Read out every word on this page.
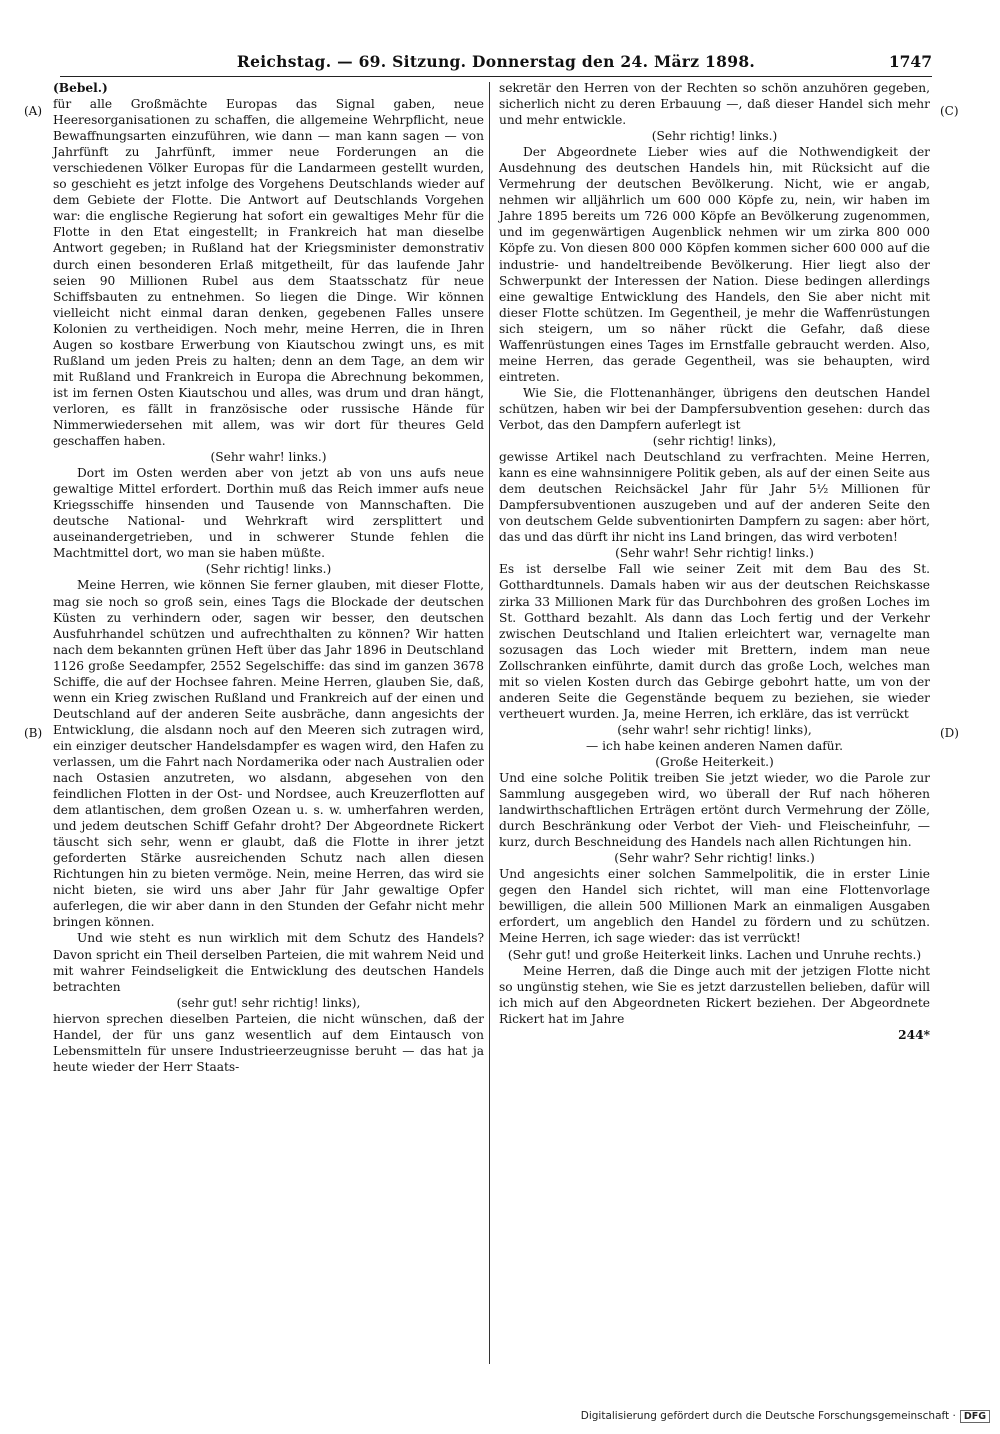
Reichstag. — 69. Sitzung. Donnerstag den 24. März 1898.	1747
(A)
(B)
(C)
(D)

(Bebel.)

für alle Großmächte Europas das Signal gaben, neue Heeresorganisationen zu schaffen, die allgemeine Wehrpflicht, neue Bewaffnungsarten einzuführen, wie dann — man kann sagen — von Jahrfünft zu Jahrfünft, immer neue Forderungen an die verschiedenen Völker Europas für die Landarmeen gestellt wurden, so geschieht es jetzt infolge des Vorgehens Deutschlands wieder auf dem Gebiete der Flotte. Die Antwort auf Deutschlands Vorgehen war: die englische Regierung hat sofort ein gewaltiges Mehr für die Flotte in den Etat eingestellt; in Frankreich hat man dieselbe Antwort gegeben; in Rußland hat der Kriegsminister demonstrativ durch einen besonderen Erlaß mitgetheilt, für das laufende Jahr seien 90 Millionen Rubel aus dem Staatsschatz für neue Schiffsbauten zu entnehmen. So liegen die Dinge. Wir können vielleicht nicht einmal daran denken, gegebenen Falles unsere Kolonien zu vertheidigen. Noch mehr, meine Herren, die in Ihren Augen so kostbare Erwerbung von Kiautschou zwingt uns, es mit Rußland um jeden Preis zu halten; denn an dem Tage, an dem wir mit Rußland und Frankreich in Europa die Abrechnung bekommen, ist im fernen Osten Kiautschou und alles, was drum und dran hängt, verloren, es fällt in französische oder russische Hände für Nimmerwiedersehen mit allem, was wir dort für theures Geld geschaffen haben.

(Sehr wahr! links.)

Dort im Osten werden aber von jetzt ab von uns aufs neue gewaltige Mittel erfordert. Dorthin muß das Reich immer aufs neue Kriegsschiffe hinsenden und Tausende von Mannschaften. Die deutsche National- und Wehrkraft wird zersplittert und auseinandergetrieben, und in schwerer Stunde fehlen die Machtmittel dort, wo man sie haben müßte.

(Sehr richtig! links.)

Meine Herren, wie können Sie ferner glauben, mit dieser Flotte, mag sie noch so groß sein, eines Tags die Blockade der deutschen Küsten zu verhindern oder, sagen wir besser, den deutschen Ausfuhrhandel schützen und aufrechthalten zu können? Wir hatten nach dem bekannten grünen Heft über das Jahr 1896 in Deutschland 1126 große Seedampfer, 2552 Segelschiffe: das sind im ganzen 3678 Schiffe, die auf der Hochsee fahren. Meine Herren, glauben Sie, daß, wenn ein Krieg zwischen Rußland und Frankreich auf der einen und Deutschland auf der anderen Seite ausbräche, dann angesichts der Entwicklung, die alsdann noch auf den Meeren sich zutragen wird, ein einziger deutscher Handelsdampfer es wagen wird, den Hafen zu verlassen, um die Fahrt nach Nordamerika oder nach Australien oder nach Ostasien anzutreten, wo alsdann, abgesehen von den feindlichen Flotten in der Ost- und Nordsee, auch Kreuzerflotten auf dem atlantischen, dem großen Ozean u. s. w. umherfahren werden, und jedem deutschen Schiff Gefahr droht? Der Abgeordnete Rickert täuscht sich sehr, wenn er glaubt, daß die Flotte in ihrer jetzt geforderten Stärke ausreichenden Schutz nach allen diesen Richtungen hin zu bieten vermöge. Nein, meine Herren, das wird sie nicht bieten, sie wird uns aber Jahr für Jahr gewaltige Opfer auferlegen, die wir aber dann in den Stunden der Gefahr nicht mehr bringen können.

Und wie steht es nun wirklich mit dem Schutz des Handels? Davon spricht ein Theil derselben Parteien, die mit wahrem Neid und mit wahrer Feindseligkeit die Entwicklung des deutschen Handels betrachten

(sehr gut! sehr richtig! links),

hiervon sprechen dieselben Parteien, die nicht wünschen, daß der Handel, der für uns ganz wesentlich auf dem Eintausch von Lebensmitteln für unsere Industrieerzeugnisse beruht — das hat ja heute wieder der Herr Staats-

sekretär den Herren von der Rechten so schön anzuhören gegeben, sicherlich nicht zu deren Erbauung —, daß dieser Handel sich mehr und mehr entwickle.

(Sehr richtig! links.)

Der Abgeordnete Lieber wies auf die Nothwendigkeit der Ausdehnung des deutschen Handels hin, mit Rücksicht auf die Vermehrung der deutschen Bevölkerung. Nicht, wie er angab, nehmen wir alljährlich um 600 000 Köpfe zu, nein, wir haben im Jahre 1895 bereits um 726 000 Köpfe an Bevölkerung zugenommen, und im gegenwärtigen Augenblick nehmen wir um zirka 800 000 Köpfe zu. Von diesen 800 000 Köpfen kommen sicher 600 000 auf die industrie- und handeltreibende Bevölkerung. Hier liegt also der Schwerpunkt der Interessen der Nation. Diese bedingen allerdings eine gewaltige Entwicklung des Handels, den Sie aber nicht mit dieser Flotte schützen. Im Gegentheil, je mehr die Waffenrüstungen sich steigern, um so näher rückt die Gefahr, daß diese Waffenrüstungen eines Tages im Ernstfalle gebraucht werden. Also, meine Herren, das gerade Gegentheil, was sie behaupten, wird eintreten.

Wie Sie, die Flottenanhänger, übrigens den deutschen Handel schützen, haben wir bei der Dampfersubvention gesehen: durch das Verbot, das den Dampfern auferlegt ist

(sehr richtig! links),

gewisse Artikel nach Deutschland zu verfrachten. Meine Herren, kann es eine wahnsinnigere Politik geben, als auf der einen Seite aus dem deutschen Reichsäckel Jahr für Jahr 5½ Millionen für Dampfersubventionen auszugeben und auf der anderen Seite den von deutschem Gelde subventionirten Dampfern zu sagen: aber hört, das und das dürft ihr nicht ins Land bringen, das wird verboten!

(Sehr wahr! Sehr richtig! links.)

Es ist derselbe Fall wie seiner Zeit mit dem Bau des St. Gotthardtunnels. Damals haben wir aus der deutschen Reichskasse zirka 33 Millionen Mark für das Durchbohren des großen Loches im St. Gotthard bezahlt. Als dann das Loch fertig und der Verkehr zwischen Deutschland und Italien erleichtert war, vernagelte man sozusagen das Loch wieder mit Brettern, indem man neue Zollschranken einführte, damit durch das große Loch, welches man mit so vielen Kosten durch das Gebirge gebohrt hatte, um von der anderen Seite die Gegenstände bequem zu beziehen, sie wieder vertheuert wurden. Ja, meine Herren, ich erkläre, das ist verrückt

(sehr wahr! sehr richtig! links),

— ich habe keinen anderen Namen dafür.

(Große Heiterkeit.)

Und eine solche Politik treiben Sie jetzt wieder, wo die Parole zur Sammlung ausgegeben wird, wo überall der Ruf nach höheren landwirthschaftlichen Erträgen ertönt durch Vermehrung der Zölle, durch Beschränkung oder Verbot der Vieh- und Fleischeinfuhr, — kurz, durch Beschneidung des Handels nach allen Richtungen hin.

(Sehr wahr? Sehr richtig! links.)

Und angesichts einer solchen Sammelpolitik, die in erster Linie gegen den Handel sich richtet, will man eine Flottenvorlage bewilligen, die allein 500 Millionen Mark an einmaligen Ausgaben erfordert, um angeblich den Handel zu fördern und zu schützen. Meine Herren, ich sage wieder: das ist verrückt!

(Sehr gut! und große Heiterkeit links. Lachen und Unruhe rechts.)

Meine Herren, daß die Dinge auch mit der jetzigen Flotte nicht so ungünstig stehen, wie Sie es jetzt darzustellen belieben, dafür will ich mich auf den Abgeordneten Rickert beziehen. Der Abgeordnete Rickert hat im Jahre

244*

Digitalisierung gefördert durch die Deutsche Forschungsgemeinschaft · DFG
